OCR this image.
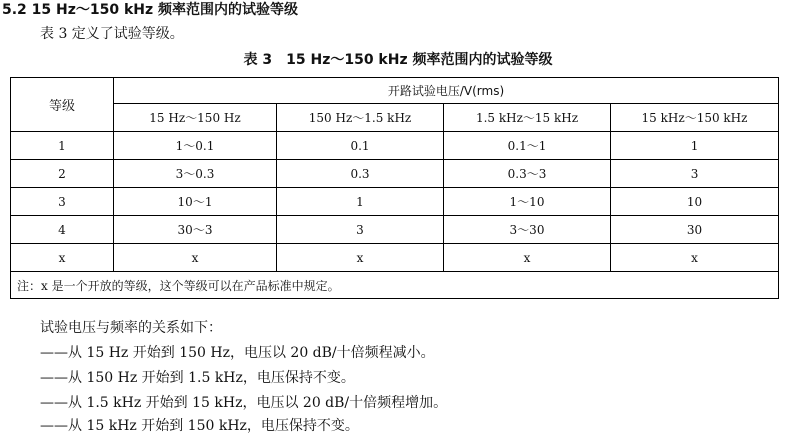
5.2 15 Hz～150 kHz 频率范围内的试验等级
表 3 定义了试验等级。
表 3　15 Hz～150 kHz 频率范围内的试验等级
等级	开路试验电压/V(rms)			
	15 Hz～150 Hz	150 Hz～1.5 kHz	1.5 kHz～15 kHz	15 kHz～150 kHz
1	1～0.1	0.1	0.1～1	1
2	3～0.3	0.3	0.3～3	3
3	10～1	1	1～10	10
4	30～3	3	3～30	30
x	x	x	x	x
注：x 是一个开放的等级，这个等级可以在产品标准中规定。				
试验电压与频率的关系如下：
——从 15 Hz 开始到 150 Hz，电压以 20 dB/十倍频程减小。
——从 150 Hz 开始到 1.5 kHz，电压保持不变。
——从 1.5 kHz 开始到 15 kHz，电压以 20 dB/十倍频程增加。
——从 15 kHz 开始到 150 kHz，电压保持不变。
